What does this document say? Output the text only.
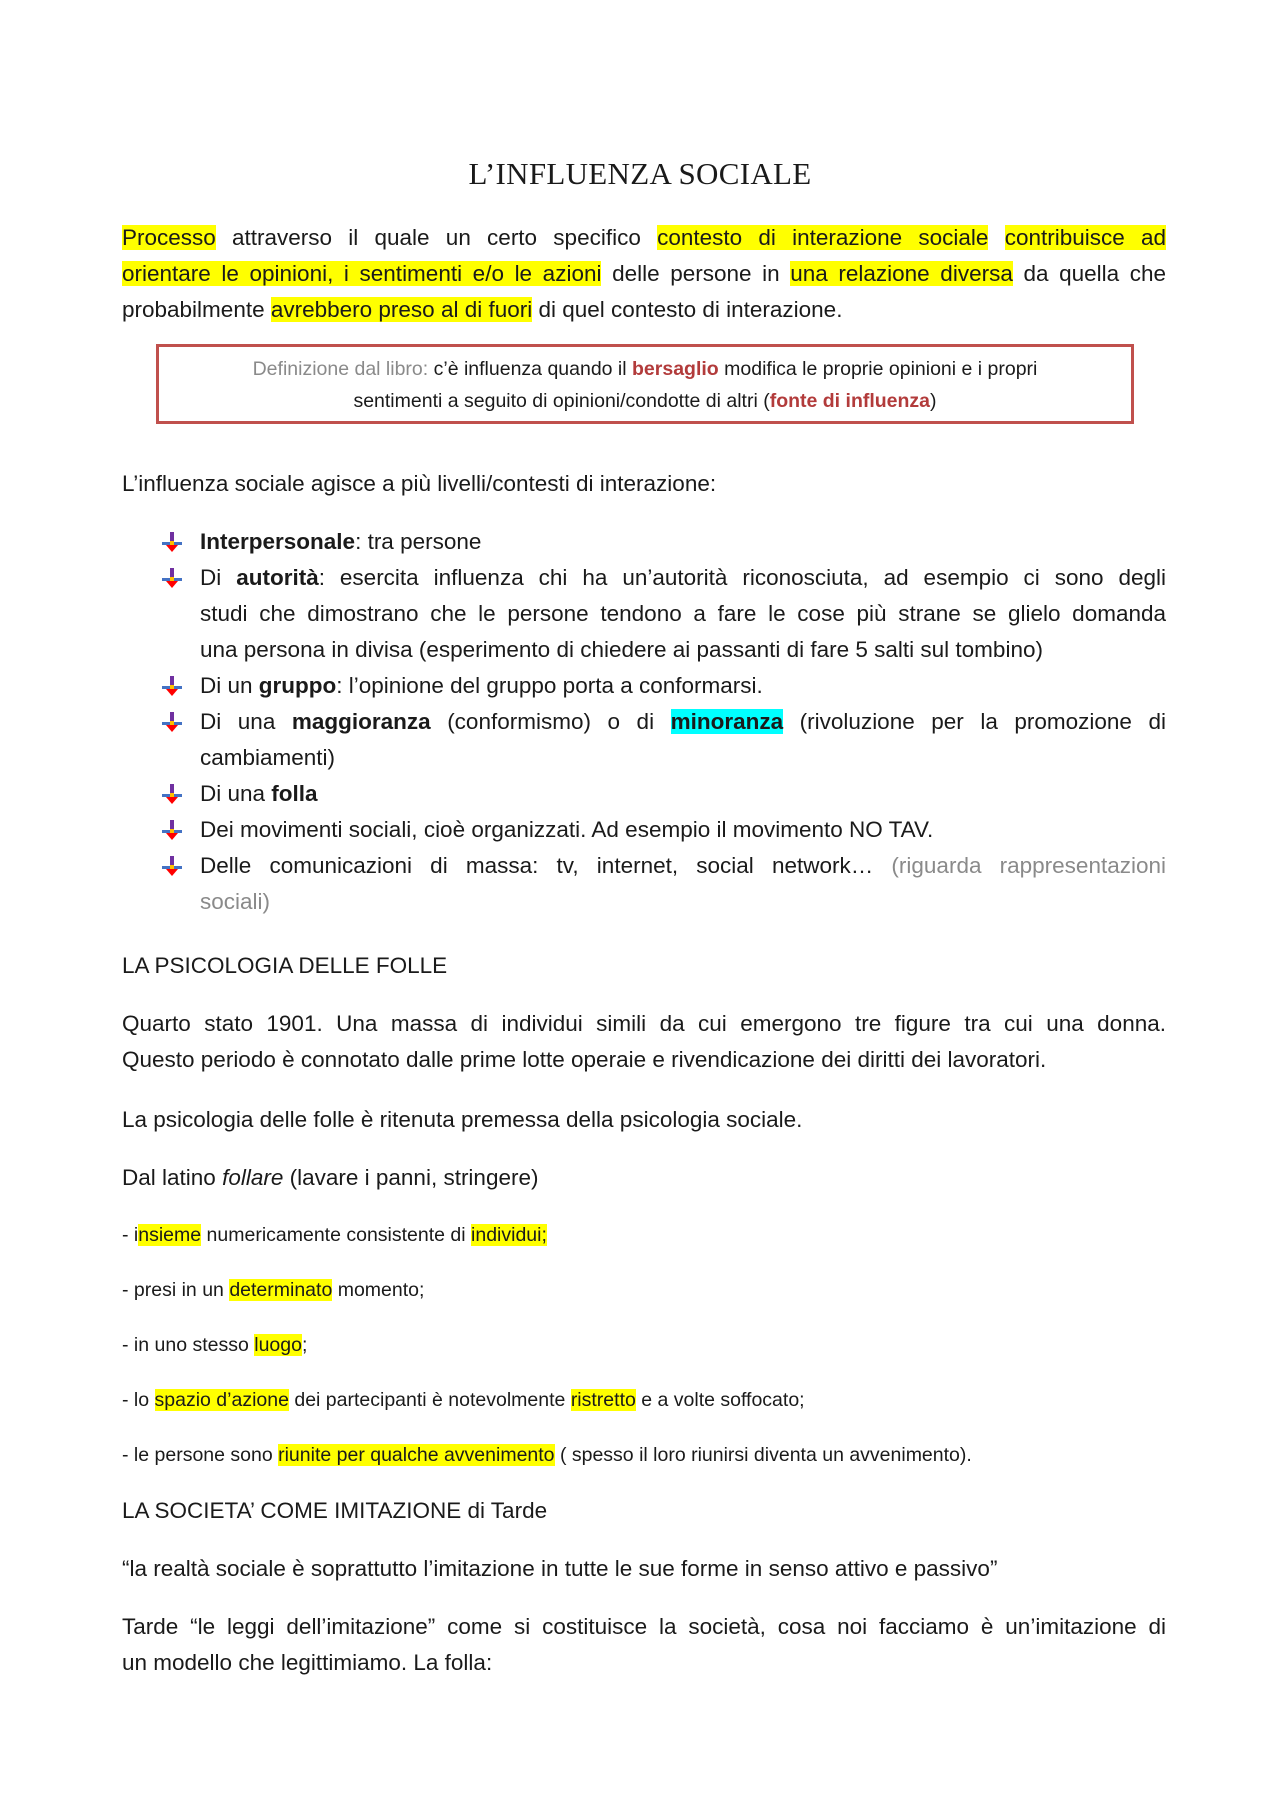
L’INFLUENZA SOCIALE
Processo attraverso il quale un certo specifico contesto di interazione sociale contribuisce ad
orientare le opinioni, i sentimenti e/o le azioni delle persone in una relazione diversa da quella che
probabilmente avrebbero preso al di fuori di quel contesto di interazione.
Definizione dal libro: c’è influenza quando il bersaglio modifica le proprie opinioni e i propri
sentimenti a seguito di opinioni/condotte di altri (fonte di influenza)
L’influenza sociale agisce a più livelli/contesti di interazione:
Interpersonale: tra persone
Di autorità: esercita influenza chi ha un’autorità riconosciuta, ad esempio ci sono degli
studi che dimostrano che le persone tendono a fare le cose più strane se glielo domanda
una persona in divisa (esperimento di chiedere ai passanti di fare 5 salti sul tombino)
Di un gruppo: l’opinione del gruppo porta a conformarsi.
Di una maggioranza (conformismo) o di minoranza (rivoluzione per la promozione di
cambiamenti)
Di una folla
Dei movimenti sociali, cioè organizzati. Ad esempio il movimento NO TAV.
Delle comunicazioni di massa: tv, internet, social network… (riguarda rappresentazioni
sociali)
LA PSICOLOGIA DELLE FOLLE
Quarto stato 1901. Una massa di individui simili da cui emergono tre figure tra cui una donna.
Questo periodo è connotato dalle prime lotte operaie e rivendicazione dei diritti dei lavoratori.
La psicologia delle folle è ritenuta premessa della psicologia sociale.
Dal latino follare (lavare i panni, stringere)
- insieme numericamente consistente di individui;
- presi in un determinato momento;
- in uno stesso luogo;
- lo spazio d’azione dei partecipanti è notevolmente ristretto e a volte soffocato;
- le persone sono riunite per qualche avvenimento ( spesso il loro riunirsi diventa un avvenimento).
LA SOCIETA’ COME IMITAZIONE di Tarde
“la realtà sociale è soprattutto l’imitazione in tutte le sue forme in senso attivo e passivo”
Tarde “le leggi dell’imitazione” come si costituisce la società, cosa noi facciamo è un’imitazione di
un modello che legittimiamo. La folla:
